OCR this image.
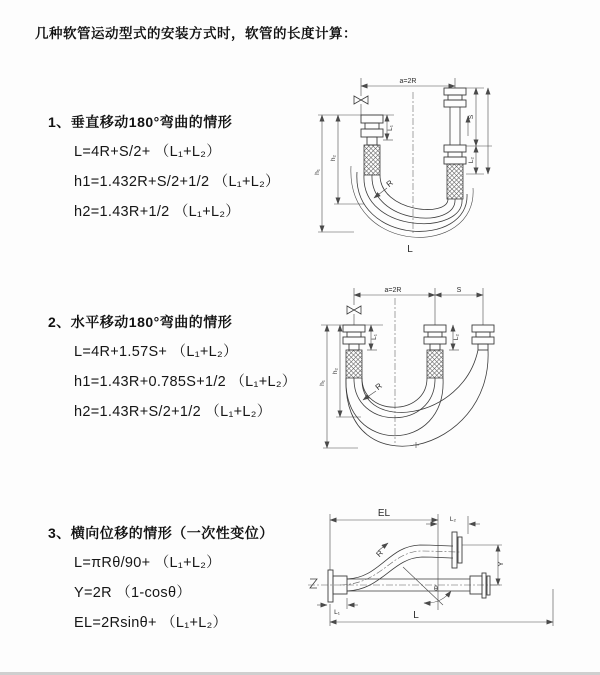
几种软管运动型式的安装方式时，软管的长度计算：
1、垂直移动180°弯曲的情形
L=4R+S/2+ （L₁+L₂）
h1=1.432R+S/2+1/2 （L₁+L₂）
h2=1.43R+1/2 （L₁+L₂）
2、水平移动180°弯曲的情形
L=4R+1.57S+ （L₁+L₂）
h1=1.43R+0.785S+1/2 （L₁+L₂）
h2=1.43R+S/2+1/2 （L₁+L₂）
3、横向位移的情形（一次性变位）
L=πRθ/90+ （L₁+L₂）
Y=2R （1-cosθ）
EL=2Rsinθ+ （L₁+L₂）
a=2R
L₁
h₁
h₂
S
L₂
R
L
a=2R	S
L₁	L₂
h₁
h₂
R
EL
L₂
R
θ
Y
L₁	L
